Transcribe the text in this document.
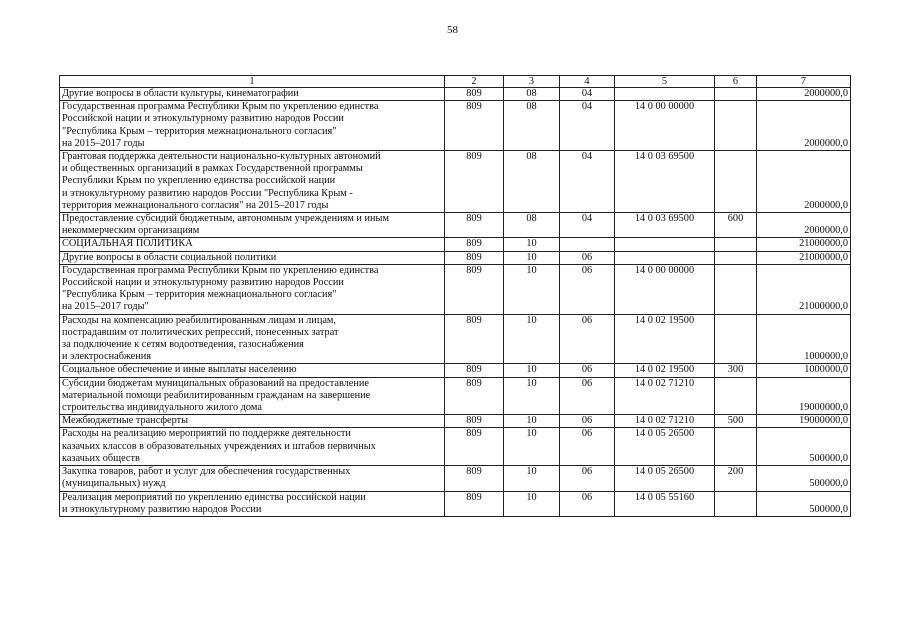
58
1	2	3	4	5	6	7
Другие вопросы в области культуры, кинематографии	809	08	04			2000000,0
Государственная программа Республики Крым по укреплению единства
Российской нации и этнокультурному развитию народов России
"Республика Крым – территория межнационального согласия"
на 2015–2017 годы	809	08	04	14 0 00 00000		2000000,0
Грантовая поддержка деятельности национально-культурных автономий
и общественных организаций в рамках Государственной программы
Республики Крым по укреплению единства российской нации
и этнокультурному развитию народов России "Республика Крым -
территория межнационального согласия" на 2015–2017 годы	809	08	04	14 0 03 69500		2000000,0
Предоставление субсидий бюджетным, автономным учреждениям и иным
некоммерческим организациям	809	08	04	14 0 03 69500	600	2000000,0
СОЦИАЛЬНАЯ ПОЛИТИКА	809	10				21000000,0
Другие вопросы в области социальной политики	809	10	06			21000000,0
Государственная программа Республики Крым по укреплению единства
Российской нации и этнокультурному развитию народов России
"Республика Крым – территория межнационального согласия"
на 2015–2017 годы"	809	10	06	14 0 00 00000		21000000,0
Расходы на компенсацию реабилитированным лицам и лицам,
пострадавшим от политических репрессий, понесенных затрат
за подключение к сетям водоотведения, газоснабжения
и электроснабжения	809	10	06	14 0 02 19500		1000000,0
Социальное обеспечение и иные выплаты населению	809	10	06	14 0 02 19500	300	1000000,0
Субсидии бюджетам муниципальных образований на предоставление
материальной помощи реабилитированным гражданам на завершение
строительства индивидуального жилого дома	809	10	06	14 0 02 71210		19000000,0
Межбюджетные трансферты	809	10	06	14 0 02 71210	500	19000000,0
Расходы на реализацию мероприятий по поддержке деятельности
казачьих классов в образовательных учреждениях и штабов первичных
казачьих обществ	809	10	06	14 0 05 26500		500000,0
Закупка товаров, работ и услуг для обеспечения государственных
(муниципальных) нужд	809	10	06	14 0 05 26500	200	500000,0
Реализация мероприятий по укреплению единства российской нации
и этнокультурному развитию народов России	809	10	06	14 0 05 55160		500000,0
